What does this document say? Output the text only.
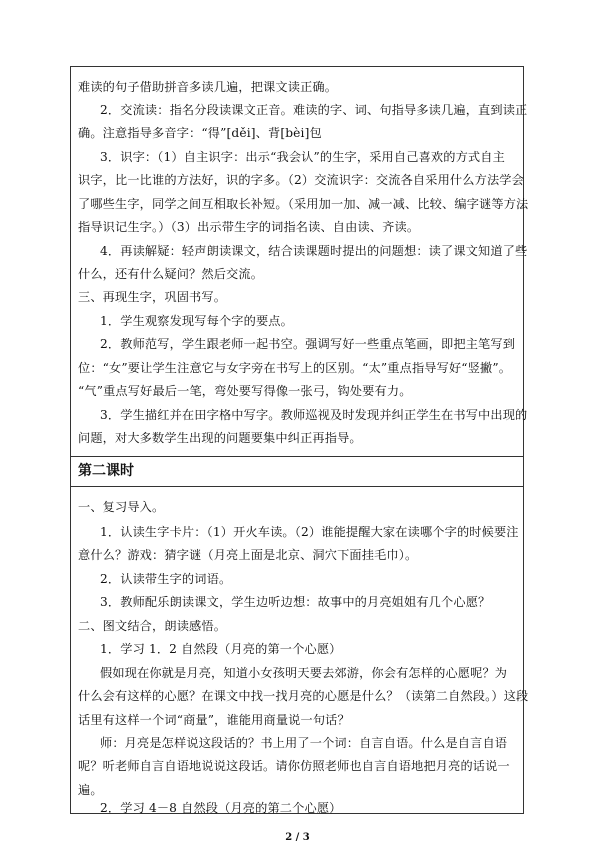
难读的句子借助拼音多读几遍，把课文读正确。
2．交流读：指名分段读课文正音。难读的字、词、句指导多读几遍，直到读正
确。注意指导多音字：“得”[děi]、背[bèi]包
3．识字：（1）自主识字：出示“我会认”的生字，采用自己喜欢的方式自主
识字，比一比谁的方法好，识的字多。（2）交流识字：交流各自采用什么方法学会
了哪些生字，同学之间互相取长补短。（采用加一加、减一减、比较、编字谜等方法
指导识记生字。）（3）出示带生字的词指名读、自由读、齐读。
4．再读解疑：轻声朗读课文，结合读课题时提出的问题想：读了课文知道了些
什么，还有什么疑问？然后交流。
三、再现生字，巩固书写。
1．学生观察发现写每个字的要点。
2．教师范写，学生跟老师一起书空。强调写好一些重点笔画，即把主笔写到
位：“女”要让学生注意它与女字旁在书写上的区别。“太”重点指导写好“竖撇”。
“气”重点写好最后一笔，弯处要写得像一张弓，钩处要有力。
3．学生描红并在田字格中写字。教师巡视及时发现并纠正学生在书写中出现的
问题，对大多数学生出现的问题要集中纠正再指导。
第二课时
一、复习导入。
1．认读生字卡片：（1）开火车读。（2）谁能提醒大家在读哪个字的时候要注
意什么？游戏：猜字谜（月亮上面是北京、洞穴下面挂毛巾）。
2．认读带生字的词语。
3．教师配乐朗读课文，学生边听边想：故事中的月亮姐姐有几个心愿？
二、图文结合，朗读感悟。
1．学习 1．2 自然段（月亮的第一个心愿）
假如现在你就是月亮，知道小女孩明天要去郊游，你会有怎样的心愿呢？为
什么会有这样的心愿？在课文中找一找月亮的心愿是什么？（读第二自然段。）这段
话里有这样一个词“商量”，谁能用商量说一句话？
师：月亮是怎样说这段话的？书上用了一个词：自言自语。什么是自言自语
呢？听老师自言自语地说说这段话。请你仿照老师也自言自语地把月亮的话说一
遍。
2．学习 4－8 自然段（月亮的第二个心愿）
2 / 3
